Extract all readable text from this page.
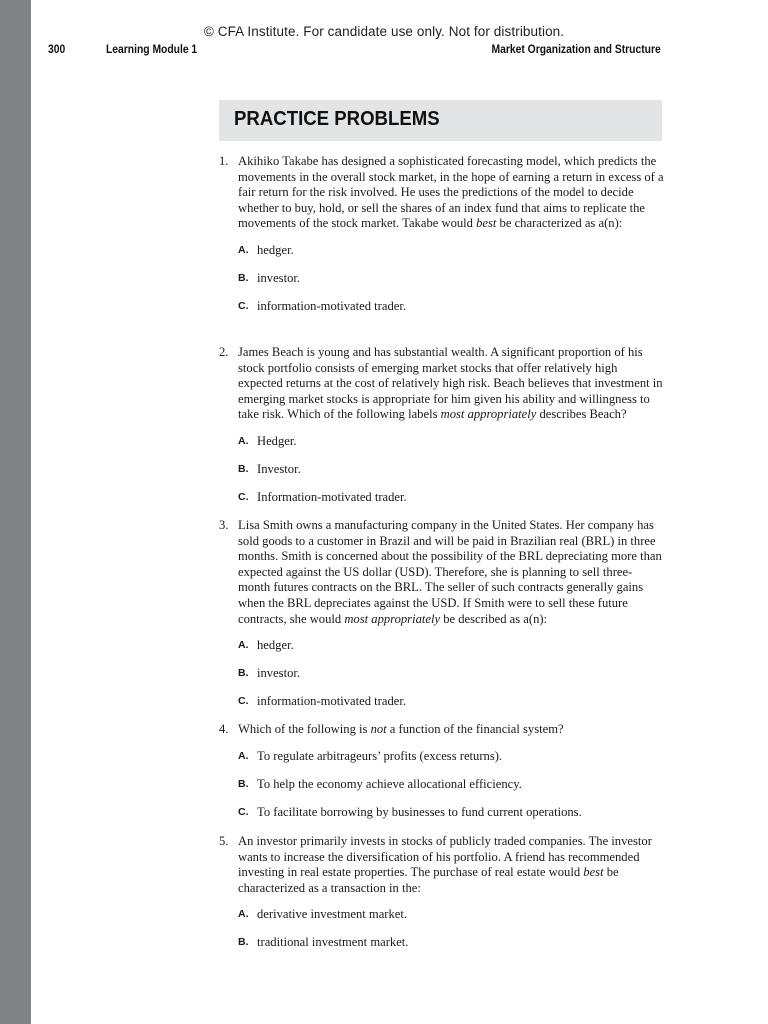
© CFA Institute. For candidate use only. Not for distribution.
300	Learning Module 1	Market Organization and Structure
PRACTICE PROBLEMS
1. Akihiko Takabe has designed a sophisticated forecasting model, which predicts the movements in the overall stock market, in the hope of earning a return in excess of a fair return for the risk involved. He uses the predictions of the model to decide whether to buy, hold, or sell the shares of an index fund that aims to replicate the movements of the stock market. Takabe would best be characterized as a(n):
A. hedger.
B. investor.
C. information-motivated trader.
2. James Beach is young and has substantial wealth. A significant proportion of his stock portfolio consists of emerging market stocks that offer relatively high expected returns at the cost of relatively high risk. Beach believes that investment in emerging market stocks is appropriate for him given his ability and willingness to take risk. Which of the following labels most appropriately describes Beach?
A. Hedger.
B. Investor.
C. Information-motivated trader.
3. Lisa Smith owns a manufacturing company in the United States. Her company has sold goods to a customer in Brazil and will be paid in Brazilian real (BRL) in three months. Smith is concerned about the possibility of the BRL depreciating more than expected against the US dollar (USD). Therefore, she is planning to sell three-month futures contracts on the BRL. The seller of such contracts generally gains when the BRL depreciates against the USD. If Smith were to sell these future contracts, she would most appropriately be described as a(n):
A. hedger.
B. investor.
C. information-motivated trader.
4. Which of the following is not a function of the financial system?
A. To regulate arbitrageurs’ profits (excess returns).
B. To help the economy achieve allocational efficiency.
C. To facilitate borrowing by businesses to fund current operations.
5. An investor primarily invests in stocks of publicly traded companies. The investor wants to increase the diversification of his portfolio. A friend has recommended investing in real estate properties. The purchase of real estate would best be characterized as a transaction in the:
A. derivative investment market.
B. traditional investment market.
